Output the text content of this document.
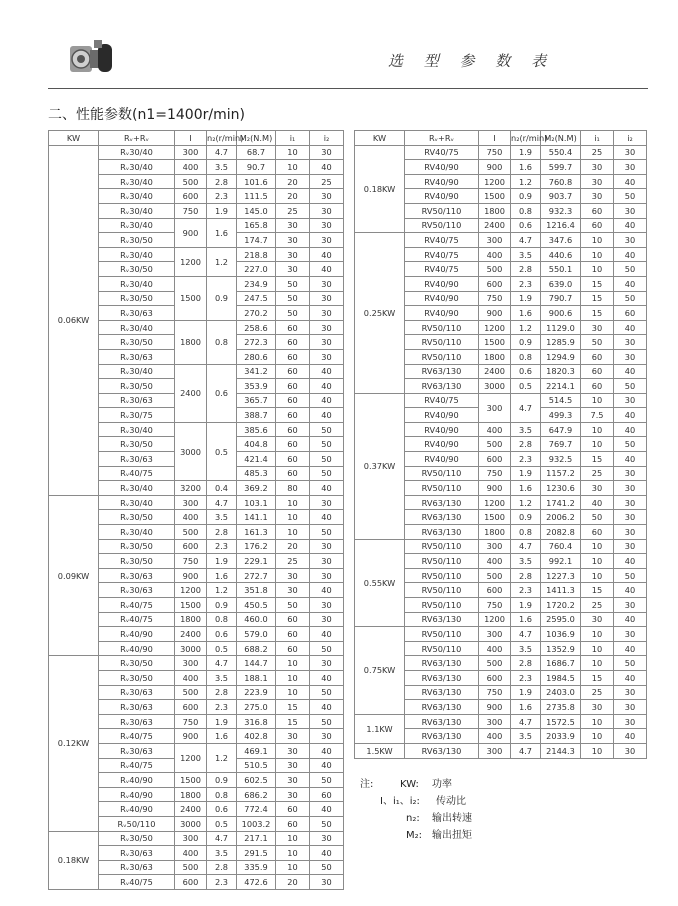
选 型 参 数 表
二、性能参数(n1=1400r/min)
KW	Rᵥ+Rᵥ	I	n₂(r/min)	M₂(N.M)	i₁	i₂
0.06KW	Rᵥ30/40	300	4.7	68.7	10	30
	Rᵥ30/40	400	3.5	90.7	10	40
	Rᵥ30/40	500	2.8	101.6	20	25
	Rᵥ30/40	600	2.3	111.5	20	30
	Rᵥ30/40	750	1.9	145.0	25	30
	Rᵥ30/40	900	1.6	165.8	30	30
	Rᵥ30/50			174.7	30	30
	Rᵥ30/40	1200	1.2	218.8	30	40
	Rᵥ30/50			227.0	30	40
	Rᵥ30/40	1500	0.9	234.9	50	30
	Rᵥ30/50			247.5	50	30
	Rᵥ30/63			270.2	50	30
	Rᵥ30/40	1800	0.8	258.6	60	30
	Rᵥ30/50			272.3	60	30
	Rᵥ30/63			280.6	60	30
	Rᵥ30/40	2400	0.6	341.2	60	40
	Rᵥ30/50			353.9	60	40
	Rᵥ30/63			365.7	60	40
	Rᵥ30/75			388.7	60	40
	Rᵥ30/40	3000	0.5	385.6	60	50
	Rᵥ30/50			404.8	60	50
	Rᵥ30/63			421.4	60	50
	Rᵥ40/75			485.3	60	50
	Rᵥ30/40	3200	0.4	369.2	80	40
0.09KW	Rᵥ30/40	300	4.7	103.1	10	30
	Rᵥ30/50	400	3.5	141.1	10	40
	Rᵥ30/40	500	2.8	161.3	10	50
	Rᵥ30/50	600	2.3	176.2	20	30
	Rᵥ30/50	750	1.9	229.1	25	30
	Rᵥ30/63	900	1.6	272.7	30	30
	Rᵥ30/63	1200	1.2	351.8	30	40
	Rᵥ40/75	1500	0.9	450.5	50	30
	Rᵥ40/75	1800	0.8	460.0	60	30
	Rᵥ40/90	2400	0.6	579.0	60	40
	Rᵥ40/90	3000	0.5	688.2	60	50
0.12KW	Rᵥ30/50	300	4.7	144.7	10	30
	Rᵥ30/50	400	3.5	188.1	10	40
	Rᵥ30/63	500	2.8	223.9	10	50
	Rᵥ30/63	600	2.3	275.0	15	40
	Rᵥ30/63	750	1.9	316.8	15	50
	Rᵥ40/75	900	1.6	402.8	30	30
	Rᵥ30/63	1200	1.2	469.1	30	40
	Rᵥ40/75			510.5	30	40
	Rᵥ40/90	1500	0.9	602.5	30	50
	Rᵥ40/90	1800	0.8	686.2	30	60
	Rᵥ40/90	2400	0.6	772.4	60	40
	Rᵥ50/110	3000	0.5	1003.2	60	50
0.18KW	Rᵥ30/50	300	4.7	217.1	10	30
	Rᵥ30/63	400	3.5	291.5	10	40
	Rᵥ30/63	500	2.8	335.9	10	50
	Rᵥ40/75	600	2.3	472.6	20	30
KW	Rᵥ+Rᵥ	I	n₂(r/min)	M₂(N.M)	i₁	i₂
0.18KW	RV40/75	750	1.9	550.4	25	30
	RV40/90	900	1.6	599.7	30	30
	RV40/90	1200	1.2	760.8	30	40
	RV40/90	1500	0.9	903.7	30	50
	RV50/110	1800	0.8	932.3	60	30
	RV50/110	2400	0.6	1216.4	60	40
0.25KW	RV40/75	300	4.7	347.6	10	30
	RV40/75	400	3.5	440.6	10	40
	RV40/75	500	2.8	550.1	10	50
	RV40/90	600	2.3	639.0	15	40
	RV40/90	750	1.9	790.7	15	50
	RV40/90	900	1.6	900.6	15	60
	RV50/110	1200	1.2	1129.0	30	40
	RV50/110	1500	0.9	1285.9	50	30
	RV50/110	1800	0.8	1294.9	60	30
	RV63/130	2400	0.6	1820.3	60	40
	RV63/130	3000	0.5	2214.1	60	50
0.37KW	RV40/75	300	4.7	514.5	10	30
	RV40/90			499.3	7.5	40
	RV40/90	400	3.5	647.9	10	40
	RV40/90	500	2.8	769.7	10	50
	RV40/90	600	2.3	932.5	15	40
	RV50/110	750	1.9	1157.2	25	30
	RV50/110	900	1.6	1230.6	30	30
	RV63/130	1200	1.2	1741.2	40	30
	RV63/130	1500	0.9	2006.2	50	30
	RV63/130	1800	0.8	2082.8	60	30
0.55KW	RV50/110	300	4.7	760.4	10	30
	RV50/110	400	3.5	992.1	10	40
	RV50/110	500	2.8	1227.3	10	50
	RV50/110	600	2.3	1411.3	15	40
	RV50/110	750	1.9	1720.2	25	30
	RV63/130	1200	1.6	2595.0	30	40
0.75KW	RV50/110	300	4.7	1036.9	10	30
	RV50/110	400	3.5	1352.9	10	40
	RV63/130	500	2.8	1686.7	10	50
	RV63/130	600	2.3	1984.5	15	40
	RV63/130	750	1.9	2403.0	25	30
	RV63/130	900	1.6	2735.8	30	30
1.1KW	RV63/130	300	4.7	1572.5	10	30
	RV63/130	400	3.5	2033.9	10	40
1.5KW	RV63/130	300	4.7	2144.3	10	30
注:	KW: 功率
I、i₁、i₂: 传动比
n₂: 输出转速
M₂: 输出扭矩
